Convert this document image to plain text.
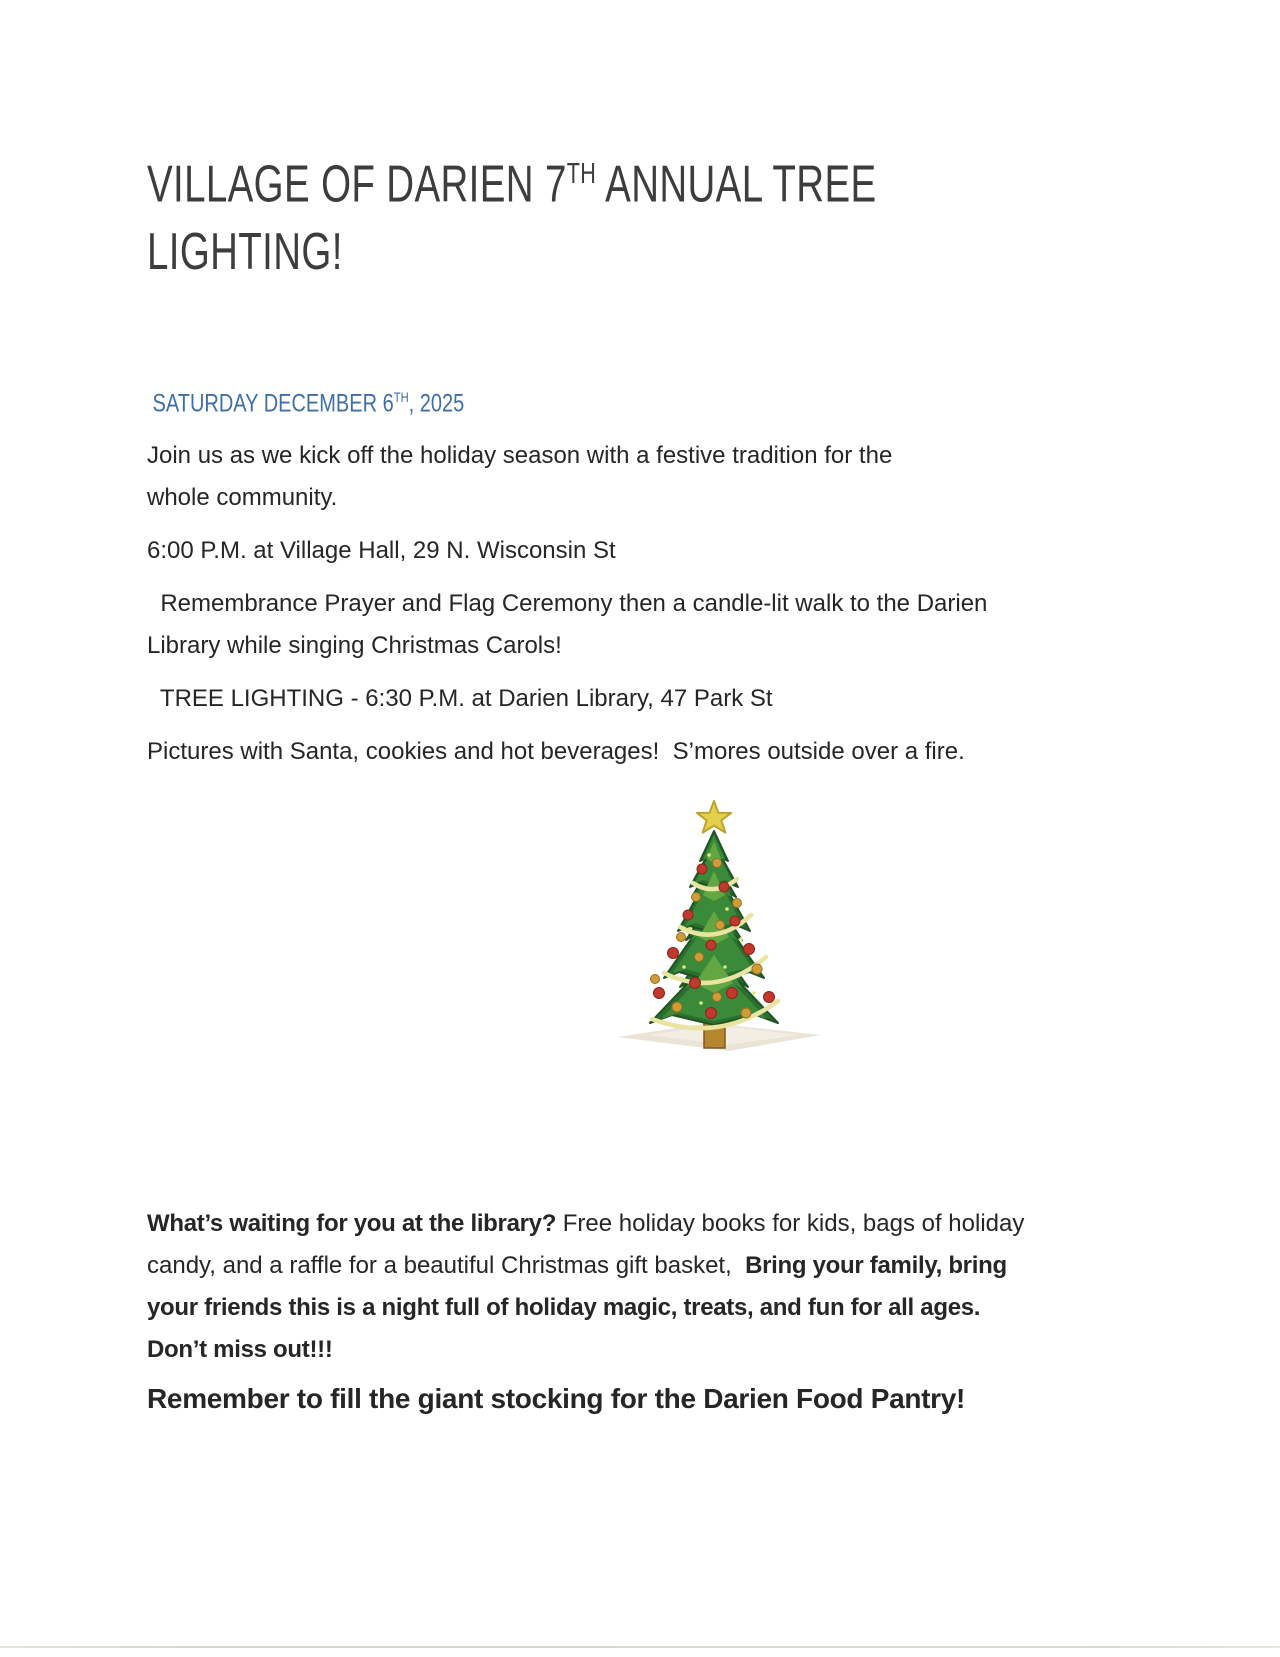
VILLAGE OF DARIEN 7TH ANNUAL TREE
LIGHTING!
SATURDAY DECEMBER 6TH, 2025
Join us as we kick off the holiday season with a festive tradition for the
whole community.
6:00 P.M. at Village Hall, 29 N. Wisconsin St
Remembrance Prayer and Flag Ceremony then a candle-lit walk to the Darien
Library while singing Christmas Carols!
TREE LIGHTING - 6:30 P.M. at Darien Library, 47 Park St
Pictures with Santa, cookies and hot beverages!  S’mores outside over a fire.
What’s waiting for you at the library? Free holiday books for kids, bags of holiday
candy, and a raffle for a beautiful Christmas gift basket,  Bring your family, bring
your friends this is a night full of holiday magic, treats, and fun for all ages.
Don’t miss out!!!
Remember to fill the giant stocking for the Darien Food Pantry!
